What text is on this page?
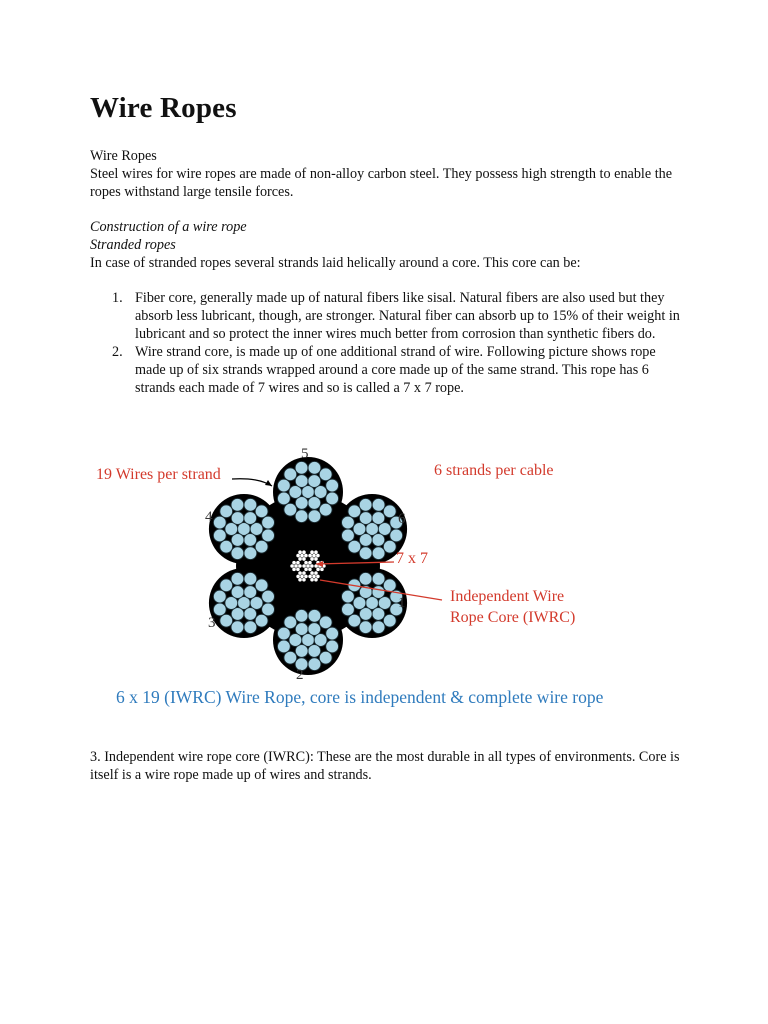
Wire Ropes

Wire Ropes

Steel wires for wire ropes are made of non-alloy carbon steel. They possess high strength to enable the ropes withstand large tensile forces.

Construction of a wire rope
Stranded ropes

In case of stranded ropes several strands laid helically around a core. This core can be:

1. Fiber core, generally made up of natural fibers like sisal. Natural fibers are also used but they absorb less lubricant, though, are stronger. Natural fiber can absorb up to 15% of their weight in lubricant and so protect the inner wires much better from corrosion than synthetic fibers do.
2. Wire strand core, is made up of one additional strand of wire. Following picture shows rope made up of six strands wrapped around a core made up of the same strand. This rope has 6 strands each made of 7 wires and so is called a 7 x 7 rope.

3. Independent wire rope core (IWRC): These are the most durable in all types of environments. Core is itself is a wire rope made up of wires and strands.

19 Wires per strand	6 strands per cable
7 x 7
Independent Wire
Rope Core (IWRC)
1
2
3
4
5
6
6 x 19 (IWRC) Wire Rope, core is independent & complete wire rope
